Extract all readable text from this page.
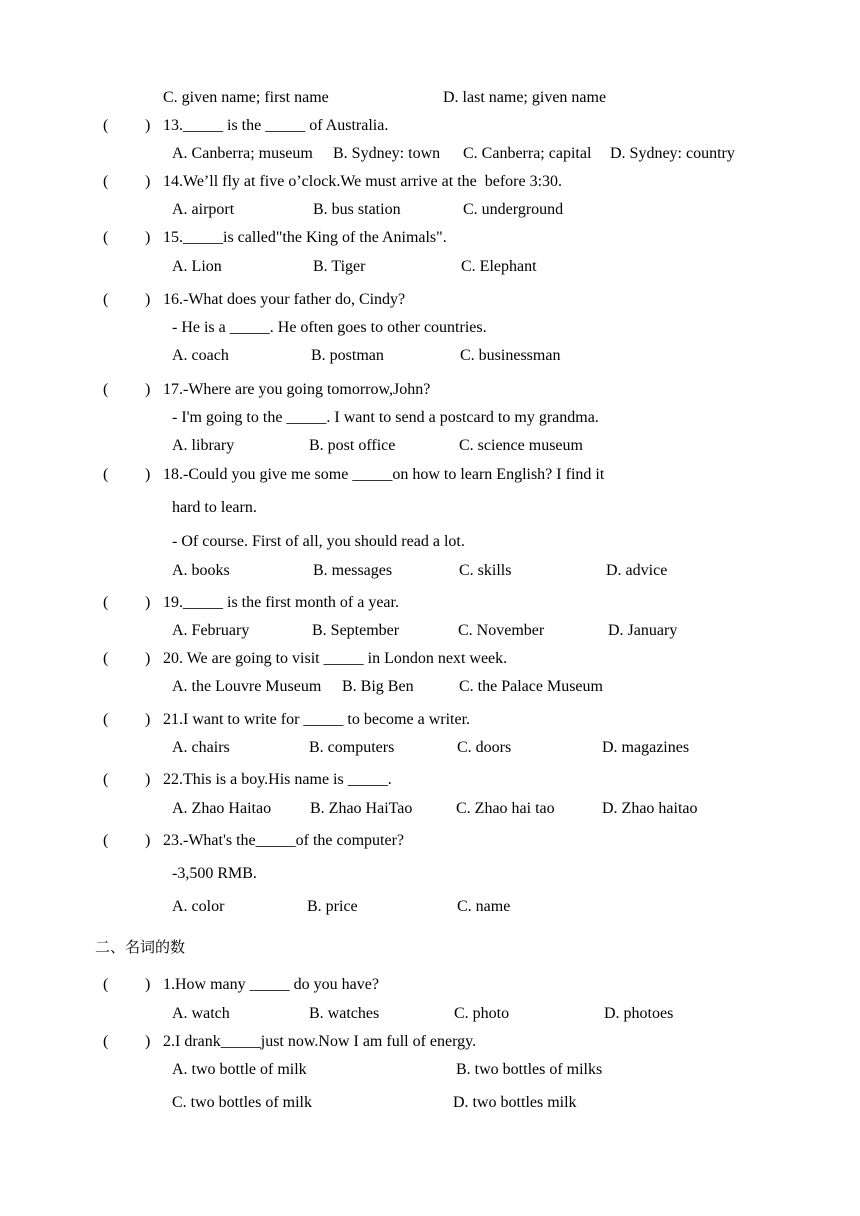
C. given name; first name	D. last name; given name
( ) 13._____ is the _____ of Australia.
A. Canberra; museum B. Sydney: town C. Canberra; capital D. Sydney: country
( ) 14.We’ll fly at five o’clock.We must arrive at the  before 3:30.
A. airport	B. bus station	C. underground
( ) 15._____is called"the King of the Animals".
A. Lion	B. Tiger	C. Elephant
( ) 16.-What does your father do, Cindy?
- He is a _____. He often goes to other countries.
A. coach	B. postman	C. businessman
( ) 17.-Where are you going tomorrow,John?
- I'm going to the _____. I want to send a postcard to my grandma.
A. library	B. post office	C. science museum
( ) 18.-Could you give me some _____on how to learn English? I find it
hard to learn.
- Of course. First of all, you should read a lot.
A. books	B. messages	C. skills	D. advice
( ) 19._____ is the first month of a year.
A. February	B. September	C. November	D. January
( ) 20. We are going to visit _____ in London next week.
A. the Louvre Museum B. Big Ben	C. the Palace Museum
( ) 21.I want to write for _____ to become a writer.
A. chairs	B. computers	C. doors	D. magazines
( ) 22.This is a boy.His name is _____.
A. Zhao Haitao B. Zhao HaiTao	C. Zhao hai tao	D. Zhao haitao
( ) 23.-What's the_____of the computer?
-3,500 RMB.
A. color	B. price	C. name
二、名词的数
( ) 1.How many _____ do you have?
A. watch	B. watches	C. photo	D. photoes
( ) 2.I drank_____just now.Now I am full of energy.
A. two bottle of milk	B. two bottles of milks
C. two bottles of milk	D. two bottles milk
